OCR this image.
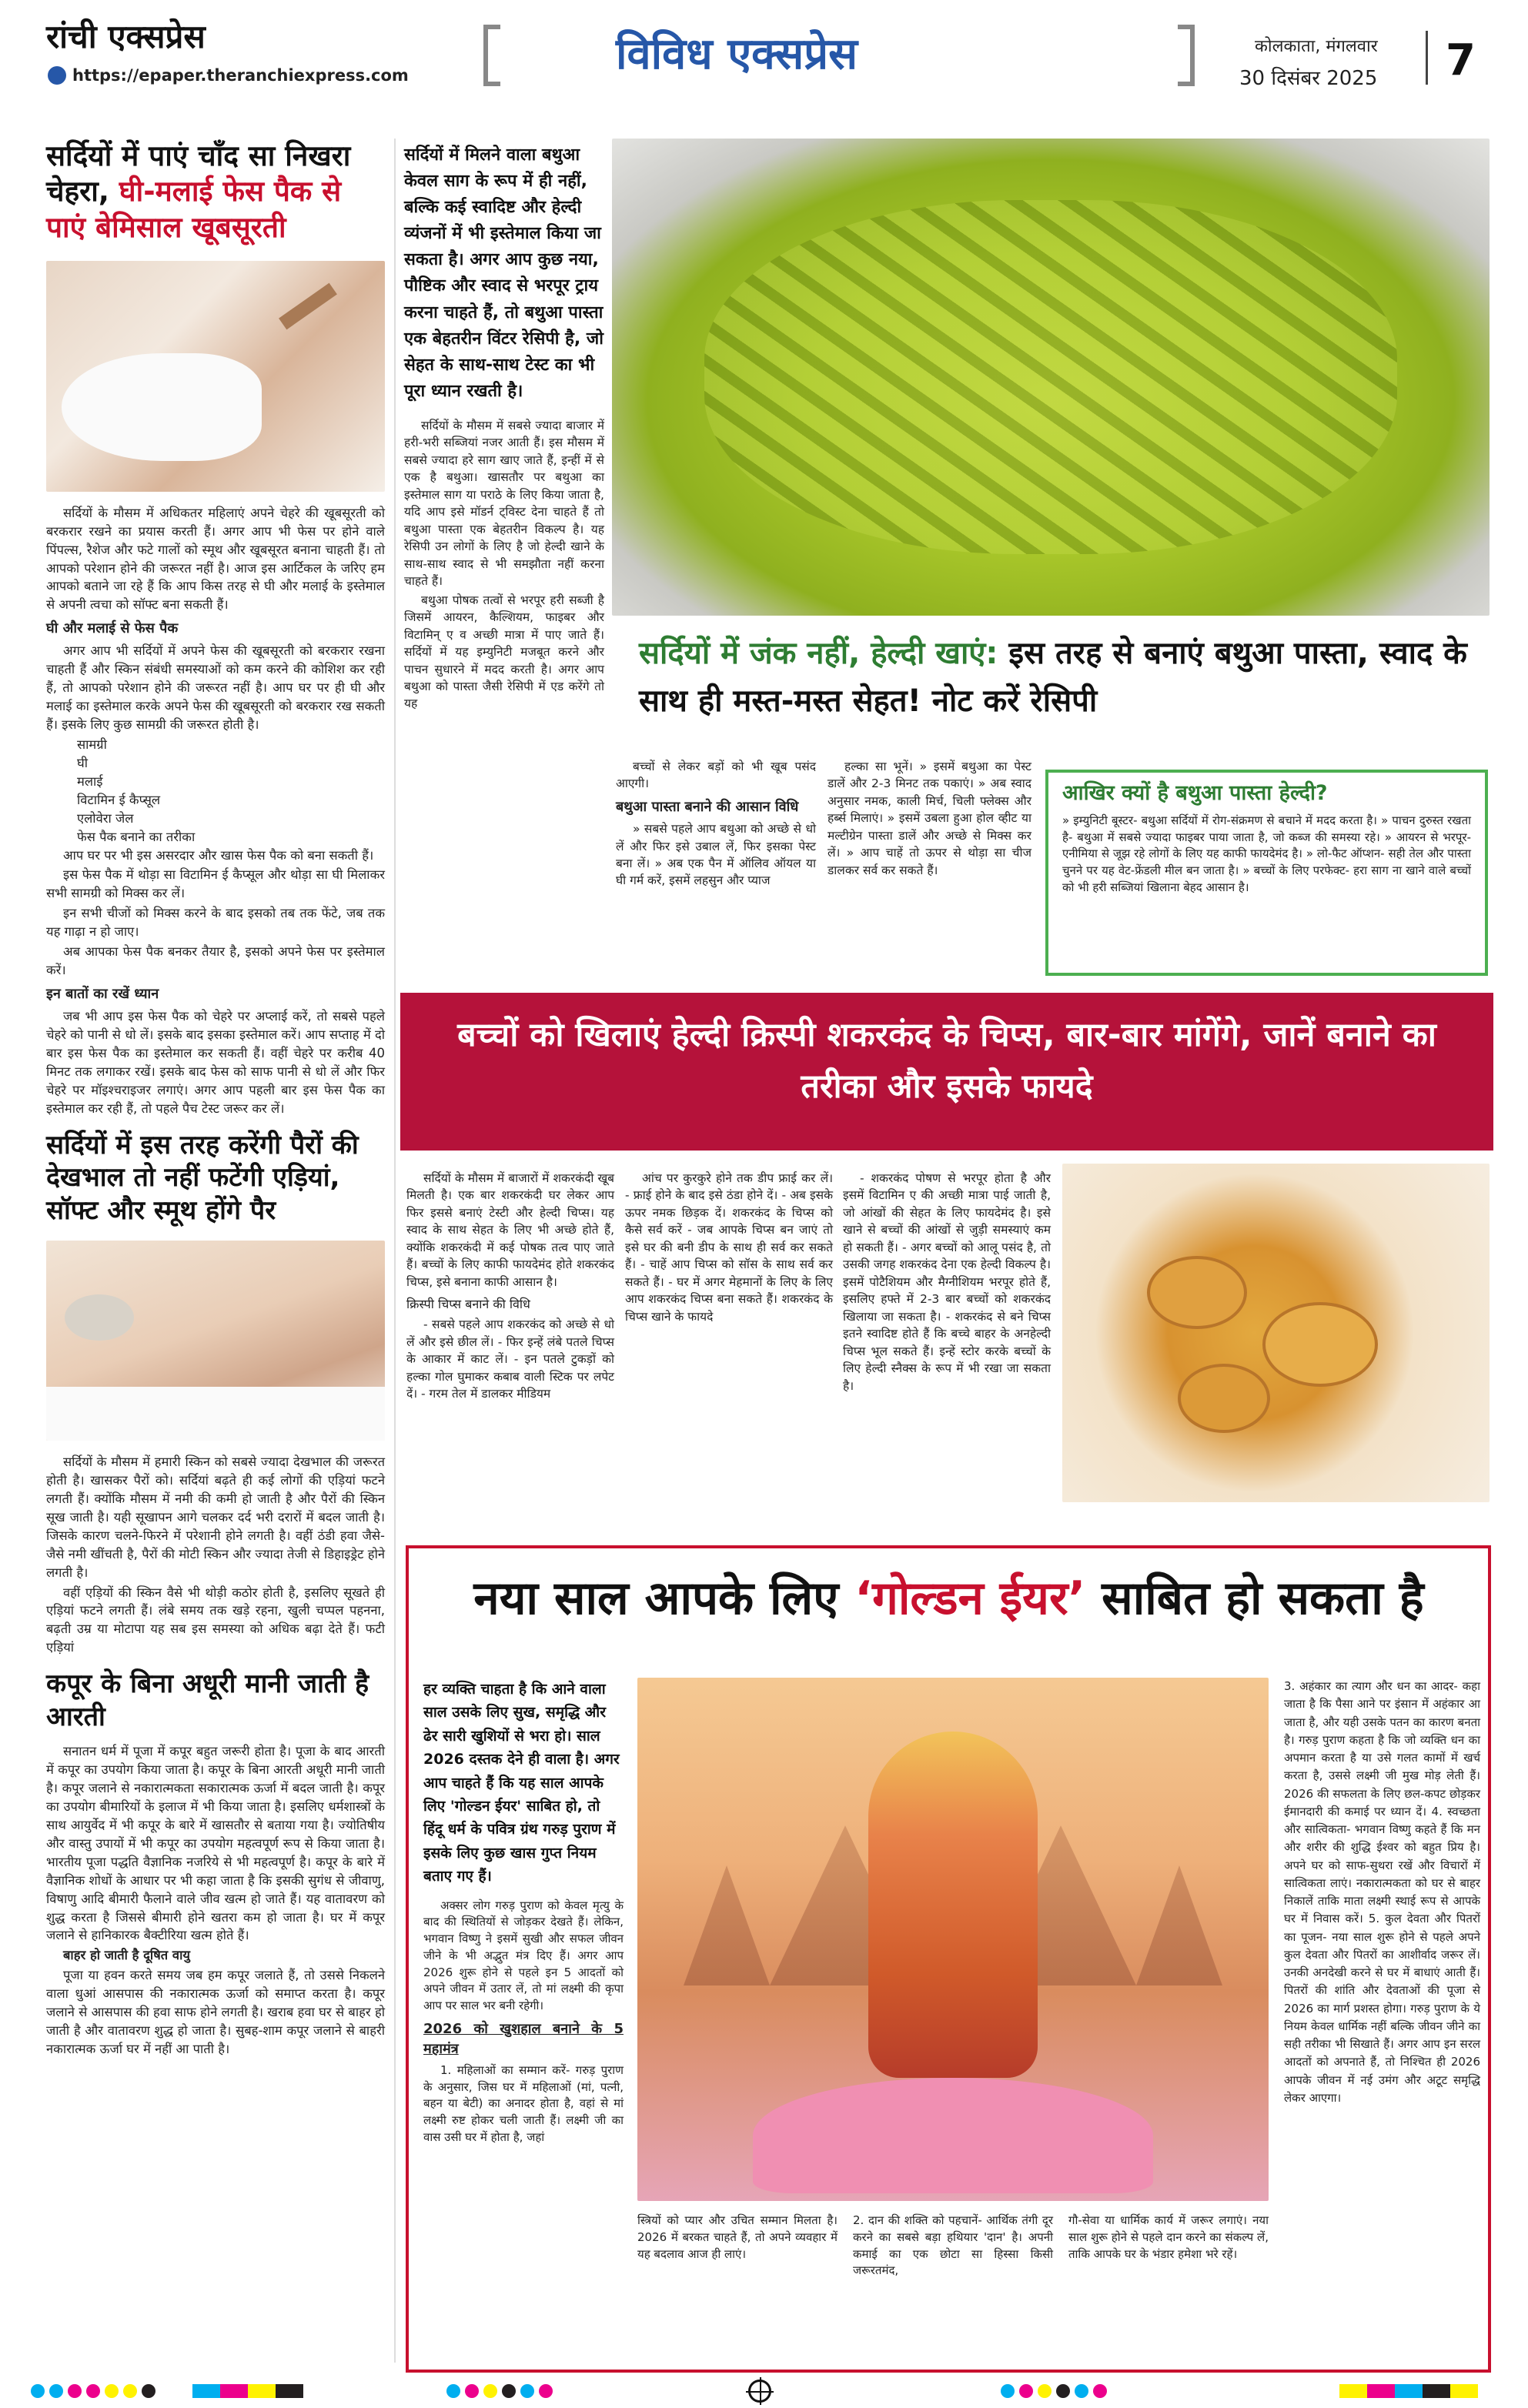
रांची एक्सप्रेस
https://epaper.theranchiexpress.com	विविध एक्सप्रेस	कोलकाता, मंगलवार
30 दिसंबर 2025 7
सर्दियों में पाएं चाँद सा निखरा चेहरा, घी-मलाई फेस पैक से पाएं बेमिसाल खूबसूरती

सर्दियों के मौसम में अधिकतर महिलाएं अपने चेहरे की खूबसूरती को बरकरार रखने का प्रयास करती हैं। अगर आप भी फेस पर होने वाले पिंपल्स, रैशेज और फटे गालों को स्मूथ और खूबसूरत बनाना चाहती हैं। तो आपको परेशान होने की जरूरत नहीं है। आज इस आर्टिकल के जरिए हम आपको बताने जा रहे हैं कि आप किस तरह से घी और मलाई के इस्तेमाल से अपनी त्वचा को सॉफ्ट बना सकती हैं।

घी और मलाई से फेस पैक

अगर आप भी सर्दियों में अपने फेस की खूबसूरती को बरकरार रखना चाहती हैं और स्किन संबंधी समस्याओं को कम करने की कोशिश कर रही हैं, तो आपको परेशान होने की जरूरत नहीं है। आप घर पर ही घी और मलाई का इस्तेमाल करके अपने फेस की खूबसूरती को बरकरार रख सकती हैं। इसके लिए कुछ सामग्री की जरूरत होती है।

सामग्री
घी
मलाई
विटामिन ई कैप्सूल
एलोवेरा जेल
फेस पैक बनाने का तरीका

आप घर पर भी इस असरदार और खास फेस पैक को बना सकती हैं।

इस फेस पैक में थोड़ा सा विटामिन ई कैप्सूल और थोड़ा सा घी मिलाकर सभी सामग्री को मिक्स कर लें।

इन सभी चीजों को मिक्स करने के बाद इसको तब तक फेंटे, जब तक यह गाढ़ा न हो जाए।

अब आपका फेस पैक बनकर तैयार है, इसको अपने फेस पर इस्तेमाल करें।

इन बातों का रखें ध्यान

जब भी आप इस फेस पैक को चेहरे पर अप्लाई करें, तो सबसे पहले चेहरे को पानी से धो लें। इसके बाद इसका इस्तेमाल करें। आप सप्ताह में दो बार इस फेस पैक का इस्तेमाल कर सकती हैं। वहीं चेहरे पर करीब 40 मिनट तक लगाकर रखें। इसके बाद फेस को साफ पानी से धो लें और फिर चेहरे पर मॉइश्चराइजर लगाएं। अगर आप पहली बार इस फेस पैक का इस्तेमाल कर रही हैं, तो पहले पैच टेस्ट जरूर कर लें।

सर्दियों में इस तरह करेंगी पैरों की देखभाल तो नहीं फटेंगी एड़ियां, सॉफ्ट और स्मूथ होंगे पैर

सर्दियों के मौसम में हमारी स्किन को सबसे ज्यादा देखभाल की जरूरत होती है। खासकर पैरों को। सर्दियां बढ़ते ही कई लोगों की एड़ियां फटने लगती हैं। क्योंकि मौसम में नमी की कमी हो जाती है और पैरों की स्किन सूख जाती है। यही सूखापन आगे चलकर दर्द भरी दरारों में बदल जाती है। जिसके कारण चलने-फिरने में परेशानी होने लगती है। वहीं ठंडी हवा जैसे-जैसे नमी खींचती है, पैरों की मोटी स्किन और ज्यादा तेजी से डिहाइड्रेट होने लगती है।

वहीं एड़ियों की स्किन वैसे भी थोड़ी कठोर होती है, इसलिए सूखते ही एड़ियां फटने लगती हैं। लंबे समय तक खड़े रहना, खुली चप्पल पहनना, बढ़ती उम्र या मोटापा यह सब इस समस्या को अधिक बढ़ा देते हैं। फटी एड़ियां

कपूर के बिना अधूरी मानी जाती है आरती

सनातन धर्म में पूजा में कपूर बहुत जरूरी होता है। पूजा के बाद आरती में कपूर का उपयोग किया जाता है। कपूर के बिना आरती अधूरी मानी जाती है। कपूर जलाने से नकारात्मकता सकारात्मक ऊर्जा में बदल जाती है। कपूर का उपयोग बीमारियों के इलाज में भी किया जाता है। इसलिए धर्मशास्त्रों के साथ आयुर्वेद में भी कपूर के बारे में खासतौर से बताया गया है। ज्योतिषीय और वास्तु उपायों में भी कपूर का उपयोग महत्वपूर्ण रूप से किया जाता है। भारतीय पूजा पद्धति वैज्ञानिक नजरिये से भी महत्वपूर्ण है। कपूर के बारे में वैज्ञानिक शोधों के आधार पर भी कहा जाता है कि इसकी सुगंध से जीवाणु, विषाणु आदि बीमारी फैलाने वाले जीव खत्म हो जाते हैं। यह वातावरण को शुद्ध करता है जिससे बीमारी होने खतरा कम हो जाता है। घर में कपूर जलाने से हानिकारक बैक्टीरिया खत्म होते हैं।

बाहर हो जाती है दूषित वायु

पूजा या हवन करते समय जब हम कपूर जलाते हैं, तो उससे निकलने वाला धुआं आसपास की नकारात्मक ऊर्जा को समाप्त करता है। कपूर जलाने से आसपास की हवा साफ होने लगती है। खराब हवा घर से बाहर हो जाती है और वातावरण शुद्ध हो जाता है। सुबह-शाम कपूर जलाने से बाहरी नकारात्मक ऊर्जा घर में नहीं आ पाती है।

सर्दियों में मिलने वाला बथुआ केवल साग के रूप में ही नहीं, बल्कि कई स्वादिष्ट और हेल्दी व्यंजनों में भी इस्तेमाल किया जा सकता है। अगर आप कुछ नया, पौष्टिक और स्वाद से भरपूर ट्राय करना चाहते हैं, तो बथुआ पास्ता एक बेहतरीन विंटर रेसिपी है, जो सेहत के साथ-साथ टेस्ट का भी पूरा ध्यान रखती है।

सर्दियों के मौसम में सबसे ज्यादा बाजार में हरी-भरी सब्जियां नजर आती हैं। इस मौसम में सबसे ज्यादा हरे साग खाए जाते हैं, इन्हीं में से एक है बथुआ। खासतौर पर बथुआ का इस्तेमाल साग या पराठे के लिए किया जाता है, यदि आप इसे मॉडर्न ट्विस्ट देना चाहते हैं तो बथुआ पास्ता एक बेहतरीन विकल्प है। यह रेसिपी उन लोगों के लिए है जो हेल्दी खाने के साथ-साथ स्वाद से भी समझौता नहीं करना चाहते हैं।

बथुआ पोषक तत्वों से भरपूर हरी सब्जी है जिसमें आयरन, कैल्शियम, फाइबर और विटामिन् ए व अच्छी मात्रा में पाए जाते हैं। सर्दियों में यह इम्युनिटी मजबूत करने और पाचन सुधारने में मदद करती है। अगर आप बथुआ को पास्ता जैसी रेसिपी में एड करेंगे तो यह

सर्दियों में जंक नहीं, हेल्दी खाएं: इस तरह से बनाएं बथुआ पास्ता, स्वाद के साथ ही मस्त-मस्त सेहत! नोट करें रेसिपी

बच्चों से लेकर बड़ों को भी खूब पसंद आएगी।

बथुआ पास्ता बनाने की आसान विधि

» सबसे पहले आप बथुआ को अच्छे से धो लें और फिर इसे उबाल लें, फिर इसका पेस्ट बना लें। » अब एक पैन में ऑलिव ऑयल या घी गर्म करें, इसमें लहसुन और प्याज

हल्का सा भूनें। » इसमें बथुआ का पेस्ट डालें और 2-3 मिनट तक पकाएं। » अब स्वाद अनुसार नमक, काली मिर्च, चिली फ्लेक्स और हर्ब्स मिलाएं। » इसमें उबला हुआ होल व्हीट या मल्टीग्रेन पास्ता डालें और अच्छे से मिक्स कर लें। » आप चाहें तो ऊपर से थोड़ा सा चीज डालकर सर्व कर सकते हैं।

आखिर क्यों है बथुआ पास्ता हेल्दी?
» इम्युनिटी बूस्टर- बथुआ सर्दियों में रोग-संक्रमण से बचाने में मदद करता है। » पाचन दुरुस्त रखता है- बथुआ में सबसे ज्यादा फाइबर पाया जाता है, जो कब्ज की समस्या रहे। » आयरन से भरपूर- एनीमिया से जूझ रहे लोगों के लिए यह काफी फायदेमंद है। » लो-फैट ऑप्शन- सही तेल और पास्ता चुनने पर यह वेट-फ्रेंडली मील बन जाता है। » बच्चों के लिए परफेक्ट- हरा साग ना खाने वाले बच्चों को भी हरी सब्जियां खिलाना बेहद आसान है।
बच्चों को खिलाएं हेल्दी क्रिस्पी शकरकंद के चिप्स, बार-बार मांगेंगे, जानें बनाने का तरीका और इसके फायदे

सर्दियों के मौसम में बाजारों में शकरकंदी खूब मिलती है। एक बार शकरकंदी घर लेकर आप फिर इससे बनाएं टेस्टी और हेल्दी चिप्स। यह स्वाद के साथ सेहत के लिए भी अच्छे होते हैं, क्योंकि शकरकंदी में कई पोषक तत्व पाए जाते हैं। बच्चों के लिए काफी फायदेमंद होते शकरकंद चिप्स, इसे बनाना काफी आसान है।

क्रिस्पी चिप्स बनाने की विधि

- सबसे पहले आप शकरकंद को अच्छे से धो लें और इसे छील लें। - फिर इन्हें लंबे पतले चिप्स के आकार में काट लें। - इन पतले टुकड़ों को हल्का गोल घुमाकर कबाब वाली स्टिक पर लपेट दें। - गरम तेल में डालकर मीडियम

आंच पर कुरकुरे होने तक डीप फ्राई कर लें। - फ्राई होने के बाद इसे ठंडा होने दें। - अब इसके ऊपर नमक छिड़क दें। शकरकंद के चिप्स को कैसे सर्व करें - जब आपके चिप्स बन जाएं तो इसे घर की बनी डीप के साथ ही सर्व कर सकते हैं। - चाहें आप चिप्स को सॉस के साथ सर्व कर सकते हैं। - घर में अगर मेहमानों के लिए के लिए आप शकरकंद चिप्स बना सकते हैं। शकरकंद के चिप्स खाने के फायदे

- शकरकंद पोषण से भरपूर होता है और इसमें विटामिन ए की अच्छी मात्रा पाई जाती है, जो आंखों की सेहत के लिए फायदेमंद है। इसे खाने से बच्चों की आंखों से जुड़ी समस्याएं कम हो सकती हैं। - अगर बच्चों को आलू पसंद है, तो उसकी जगह शकरकंद देना एक हेल्दी विकल्प है। इसमें पोटैशियम और मैग्नीशियम भरपूर होते हैं, इसलिए हफ्ते में 2-3 बार बच्चों को शकरकंद खिलाया जा सकता है। - शकरकंद से बने चिप्स इतने स्वादिष्ट होते हैं कि बच्चे बाहर के अनहेल्दी चिप्स भूल सकते हैं। इन्हें स्टोर करके बच्चों के लिए हेल्दी स्नैक्स के रूप में भी रखा जा सकता है।

नया साल आपके लिए ‘गोल्डन ईयर’ साबित हो सकता है
हर व्यक्ति चाहता है कि आने वाला साल उसके लिए सुख, समृद्धि और ढेर सारी खुशियों से भरा हो। साल 2026 दस्तक देने ही वाला है। अगर आप चाहते हैं कि यह साल आपके लिए 'गोल्डन ईयर' साबित हो, तो हिंदू धर्म के पवित्र ग्रंथ गरुड़ पुराण में इसके लिए कुछ खास गुप्त नियम बताए गए हैं।

अक्सर लोग गरुड़ पुराण को केवल मृत्यु के बाद की स्थितियों से जोड़कर देखते हैं। लेकिन, भगवान विष्णु ने इसमें सुखी और सफल जीवन जीने के भी अद्भुत मंत्र दिए हैं। अगर आप 2026 शुरू होने से पहले इन 5 आदतों को अपने जीवन में उतार लें, तो मां लक्ष्मी की कृपा आप पर साल भर बनी रहेगी।

2026 को खुशहाल बनाने के 5 महामंत्र

1. महिलाओं का सम्मान करें- गरुड़ पुराण के अनुसार, जिस घर में महिलाओं (मां, पत्नी, बहन या बेटी) का अनादर होता है, वहां से मां लक्ष्मी रुष्ट होकर चली जाती हैं। लक्ष्मी जी का वास उसी घर में होता है, जहां

स्त्रियों को प्यार और उचित सम्मान मिलता है। 2026 में बरकत चाहते हैं, तो अपने व्यवहार में यह बदलाव आज ही लाएं।
2. दान की शक्ति को पहचानें- आर्थिक तंगी दूर करने का सबसे बड़ा हथियार 'दान' है। अपनी कमाई का एक छोटा सा हिस्सा किसी जरूरतमंद,
गौ-सेवा या धार्मिक कार्य में जरूर लगाएं। नया साल शुरू होने से पहले दान करने का संकल्प लें, ताकि आपके घर के भंडार हमेशा भरे रहें।
3. अहंकार का त्याग और धन का आदर- कहा जाता है कि पैसा आने पर इंसान में अहंकार आ जाता है, और यही उसके पतन का कारण बनता है। गरुड़ पुराण कहता है कि जो व्यक्ति धन का अपमान करता है या उसे गलत कामों में खर्च करता है, उससे लक्ष्मी जी मुख मोड़ लेती हैं। 2026 की सफलता के लिए छल-कपट छोड़कर ईमानदारी की कमाई पर ध्यान दें। 4. स्वच्छता और सात्विकता- भगवान विष्णु कहते हैं कि मन और शरीर की शुद्धि ईश्वर को बहुत प्रिय है। अपने घर को साफ-सुथरा रखें और विचारों में सात्विकता लाएं। नकारात्मकता को घर से बाहर निकालें ताकि माता लक्ष्मी स्थाई रूप से आपके घर में निवास करें। 5. कुल देवता और पितरों का पूजन- नया साल शुरू होने से पहले अपने कुल देवता और पितरों का आशीर्वाद जरूर लें। उनकी अनदेखी करने से घर में बाधाएं आती हैं। पितरों की शांति और देवताओं की पूजा से 2026 का मार्ग प्रशस्त होगा। गरुड़ पुराण के ये नियम केवल धार्मिक नहीं बल्कि जीवन जीने का सही तरीका भी सिखाते हैं। अगर आप इन सरल आदतों को अपनाते हैं, तो निश्चित ही 2026 आपके जीवन में नई उमंग और अटूट समृद्धि लेकर आएगा।
